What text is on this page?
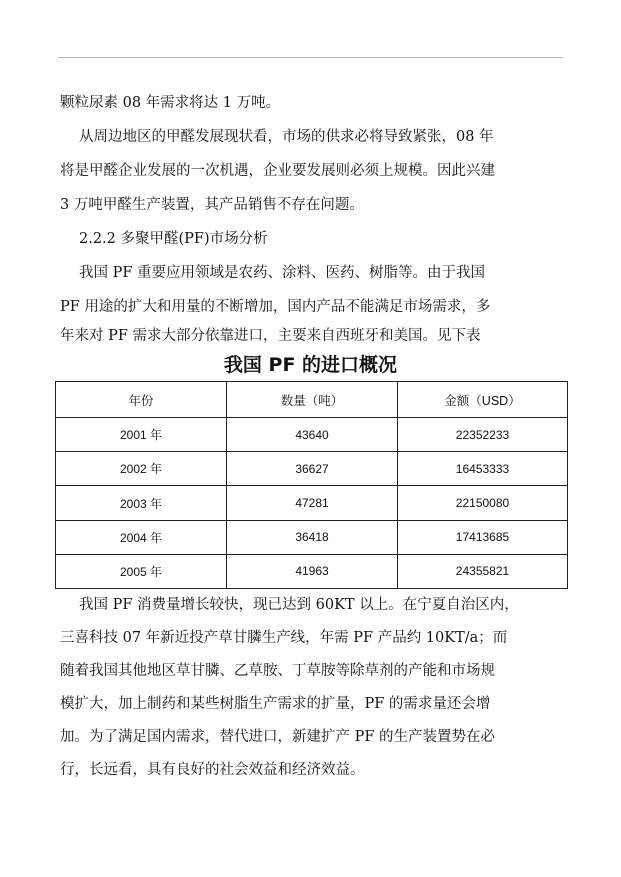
颗粒尿素 08 年需求将达 1 万吨。
从周边地区的甲醛发展现状看，市场的供求必将导致紧张，08 年
将是甲醛企业发展的一次机遇，企业要发展则必须上规模。因此兴建
3 万吨甲醛生产装置，其产品销售不存在问题。
2.2.2 多聚甲醛(PF)市场分析
我国 PF 重要应用领域是农药、涂料、医药、树脂等。由于我国
PF 用途的扩大和用量的不断增加，国内产品不能满足市场需求，多
年来对 PF 需求大部分依靠进口，主要来自西班牙和美国。见下表
我国 PF 的进口概况
年份	数量（吨）	金额（USD）
2001 年	43640	22352233
2002 年	36627	16453333
2003 年	47281	22150080
2004 年	36418	17413685
2005 年	41963	24355821
我国 PF 消费量增长较快，现已达到 60KT 以上。在宁夏自治区内，
三喜科技 07 年新近投产草甘膦生产线，年需 PF 产品约 10KT/a；而
随着我国其他地区草甘膦、乙草胺、丁草胺等除草剂的产能和市场规
模扩大，加上制药和某些树脂生产需求的扩量，PF 的需求量还会增
加。为了满足国内需求，替代进口，新建扩产 PF 的生产装置势在必
行，长远看，具有良好的社会效益和经济效益。
